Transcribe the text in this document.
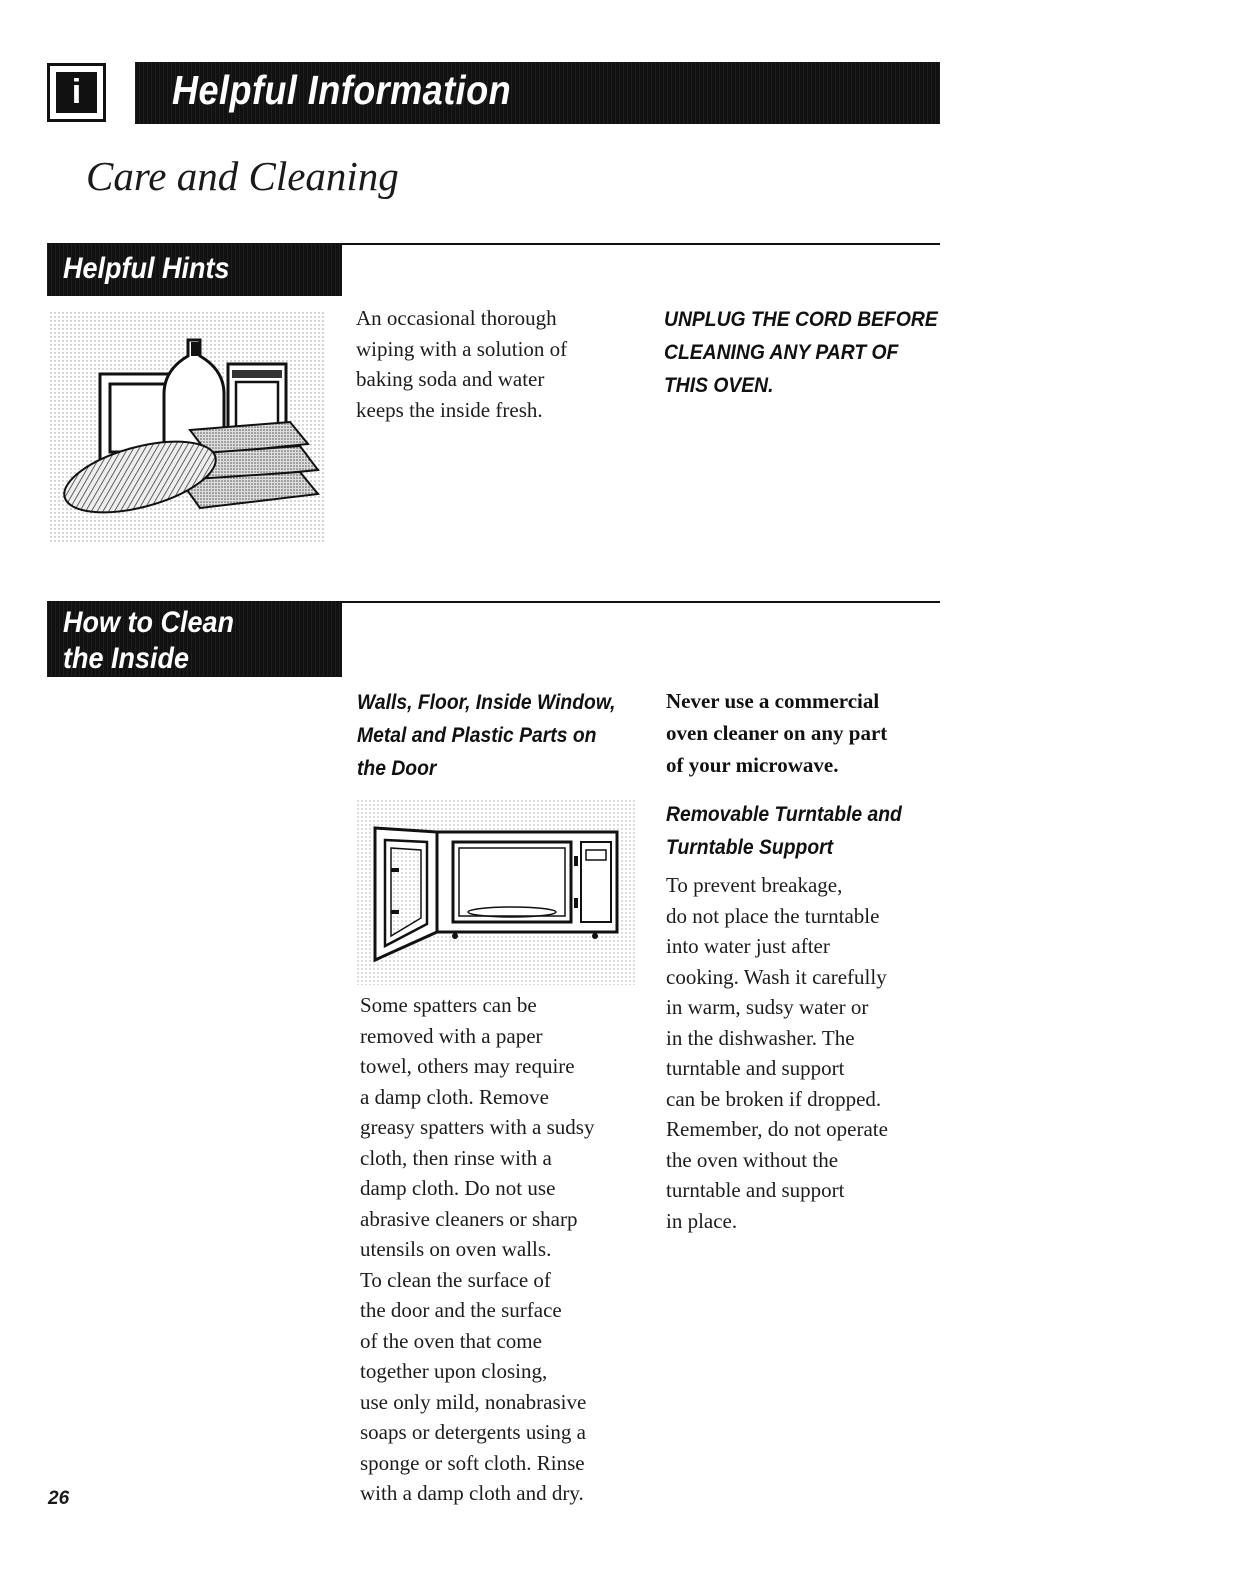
i	Helpful Information
Care and Cleaning
Helpful Hints
An occasional thorough
wiping with a solution of
baking soda and water
keeps the inside fresh.
UNPLUG THE CORD BEFORE
CLEANING ANY PART OF
THIS OVEN.
How to Clean
the Inside
Walls, Floor, Inside Window,
Metal and Plastic Parts on
the Door
Some spatters can be
removed with a paper
towel, others may require
a damp cloth. Remove
greasy spatters with a sudsy
cloth, then rinse with a
damp cloth. Do not use
abrasive cleaners or sharp
utensils on oven walls.
To clean the surface of
the door and the surface
of the oven that come
together upon closing,
use only mild, nonabrasive
soaps or detergents using a
sponge or soft cloth. Rinse
with a damp cloth and dry.
Never use a commercial
oven cleaner on any part
of your microwave.
Removable Turntable and
Turntable Support
To prevent breakage,
do not place the turntable
into water just after
cooking. Wash it carefully
in warm, sudsy water or
in the dishwasher. The
turntable and support
can be broken if dropped.
Remember, do not operate
the oven without the
turntable and support
in place.
26
